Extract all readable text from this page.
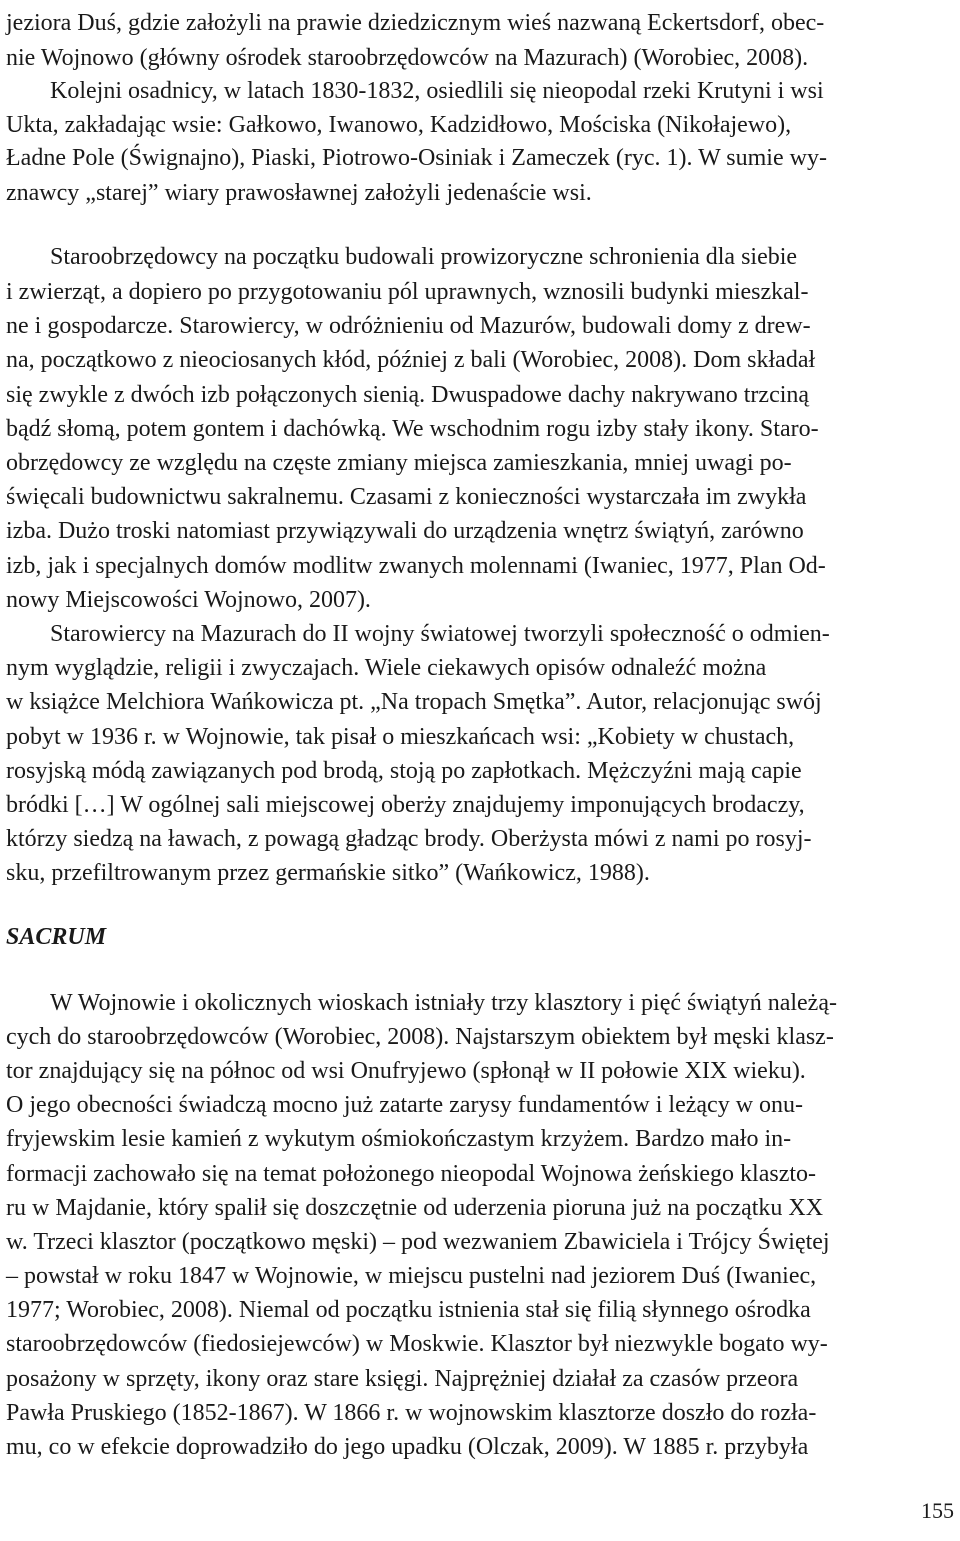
jeziora Duś, gdzie założyli na prawie dziedzicznym wieś nazwaną Eckertsdorf, obec-
nie Wojnowo (główny ośrodek staroobrzędowców na Mazurach) (Worobiec, 2008).
Kolejni osadnicy, w latach 1830-1832, osiedlili się nieopodal rzeki Krutyni i wsi
Ukta, zakładając wsie: Gałkowo, Iwanowo, Kadzidłowo, Mościska (Nikołajewo),
Ładne Pole (Śwignajno), Piaski, Piotrowo-Osiniak i Zameczek (ryc. 1). W sumie wy-
znawcy „starej” wiary prawosławnej założyli jedenaście wsi.
Staroobrzędowcy na początku budowali prowizoryczne schronienia dla siebie
i zwierząt, a dopiero po przygotowaniu pól uprawnych, wznosili budynki mieszkal-
ne i gospodarcze. Starowiercy, w odróżnieniu od Mazurów, budowali domy z drew-
na, początkowo z nieociosanych kłód, później z bali (Worobiec, 2008). Dom składał
się zwykle z dwóch izb połączonych sienią. Dwuspadowe dachy nakrywano trzciną
bądź słomą, potem gontem i dachówką. We wschodnim rogu izby stały ikony. Staro-
obrzędowcy ze względu na częste zmiany miejsca zamieszkania, mniej uwagi po-
święcali budownictwu sakralnemu. Czasami z konieczności wystarczała im zwykła
izba. Dużo troski natomiast przywiązywali do urządzenia wnętrz świątyń, zarówno
izb, jak i specjalnych domów modlitw zwanych molennami (Iwaniec, 1977, Plan Od-
nowy Miejscowości Wojnowo, 2007).
Starowiercy na Mazurach do II wojny światowej tworzyli społeczność o odmien-
nym wyglądzie, religii i zwyczajach. Wiele ciekawych opisów odnaleźć można
w książce Melchiora Wańkowicza pt. „Na tropach Smętka”. Autor, relacjonując swój
pobyt w 1936 r. w Wojnowie, tak pisał o mieszkańcach wsi: „Kobiety w chustach,
rosyjską módą zawiązanych pod brodą, stoją po zapłotkach. Mężczyźni mają capie
bródki […] W ogólnej sali miejscowej oberży znajdujemy imponujących brodaczy,
którzy siedzą na ławach, z powagą gładząc brody. Oberżysta mówi z nami po rosyj-
sku, przefiltrowanym przez germańskie sitko” (Wańkowicz, 1988).
SACRUM
W Wojnowie i okolicznych wioskach istniały trzy klasztory i pięć świątyń należą-
cych do staroobrzędowców (Worobiec, 2008). Najstarszym obiektem był męski klasz-
tor znajdujący się na północ od wsi Onufryjewo (spłonął w II połowie XIX wieku).
O jego obecności świadczą mocno już zatarte zarysy fundamentów i leżący w onu-
fryjewskim lesie kamień z wykutym ośmiokończastym krzyżem. Bardzo mało in-
formacji zachowało się na temat położonego nieopodal Wojnowa żeńskiego klaszto-
ru w Majdanie, który spalił się doszczętnie od uderzenia pioruna już na początku XX
w. Trzeci klasztor (początkowo męski) – pod wezwaniem Zbawiciela i Trójcy Świętej
– powstał w roku 1847 w Wojnowie, w miejscu pustelni nad jeziorem Duś (Iwaniec,
1977; Worobiec, 2008). Niemal od początku istnienia stał się filią słynnego ośrodka
staroobrzędowców (fiedosiejewców) w Moskwie. Klasztor był niezwykle bogato wy-
posażony w sprzęty, ikony oraz stare księgi. Najprężniej działał za czasów przeora
Pawła Pruskiego (1852-1867). W 1866 r. w wojnowskim klasztorze doszło do rozła-
mu, co w efekcie doprowadziło do jego upadku (Olczak, 2009). W 1885 r. przybyła
155
